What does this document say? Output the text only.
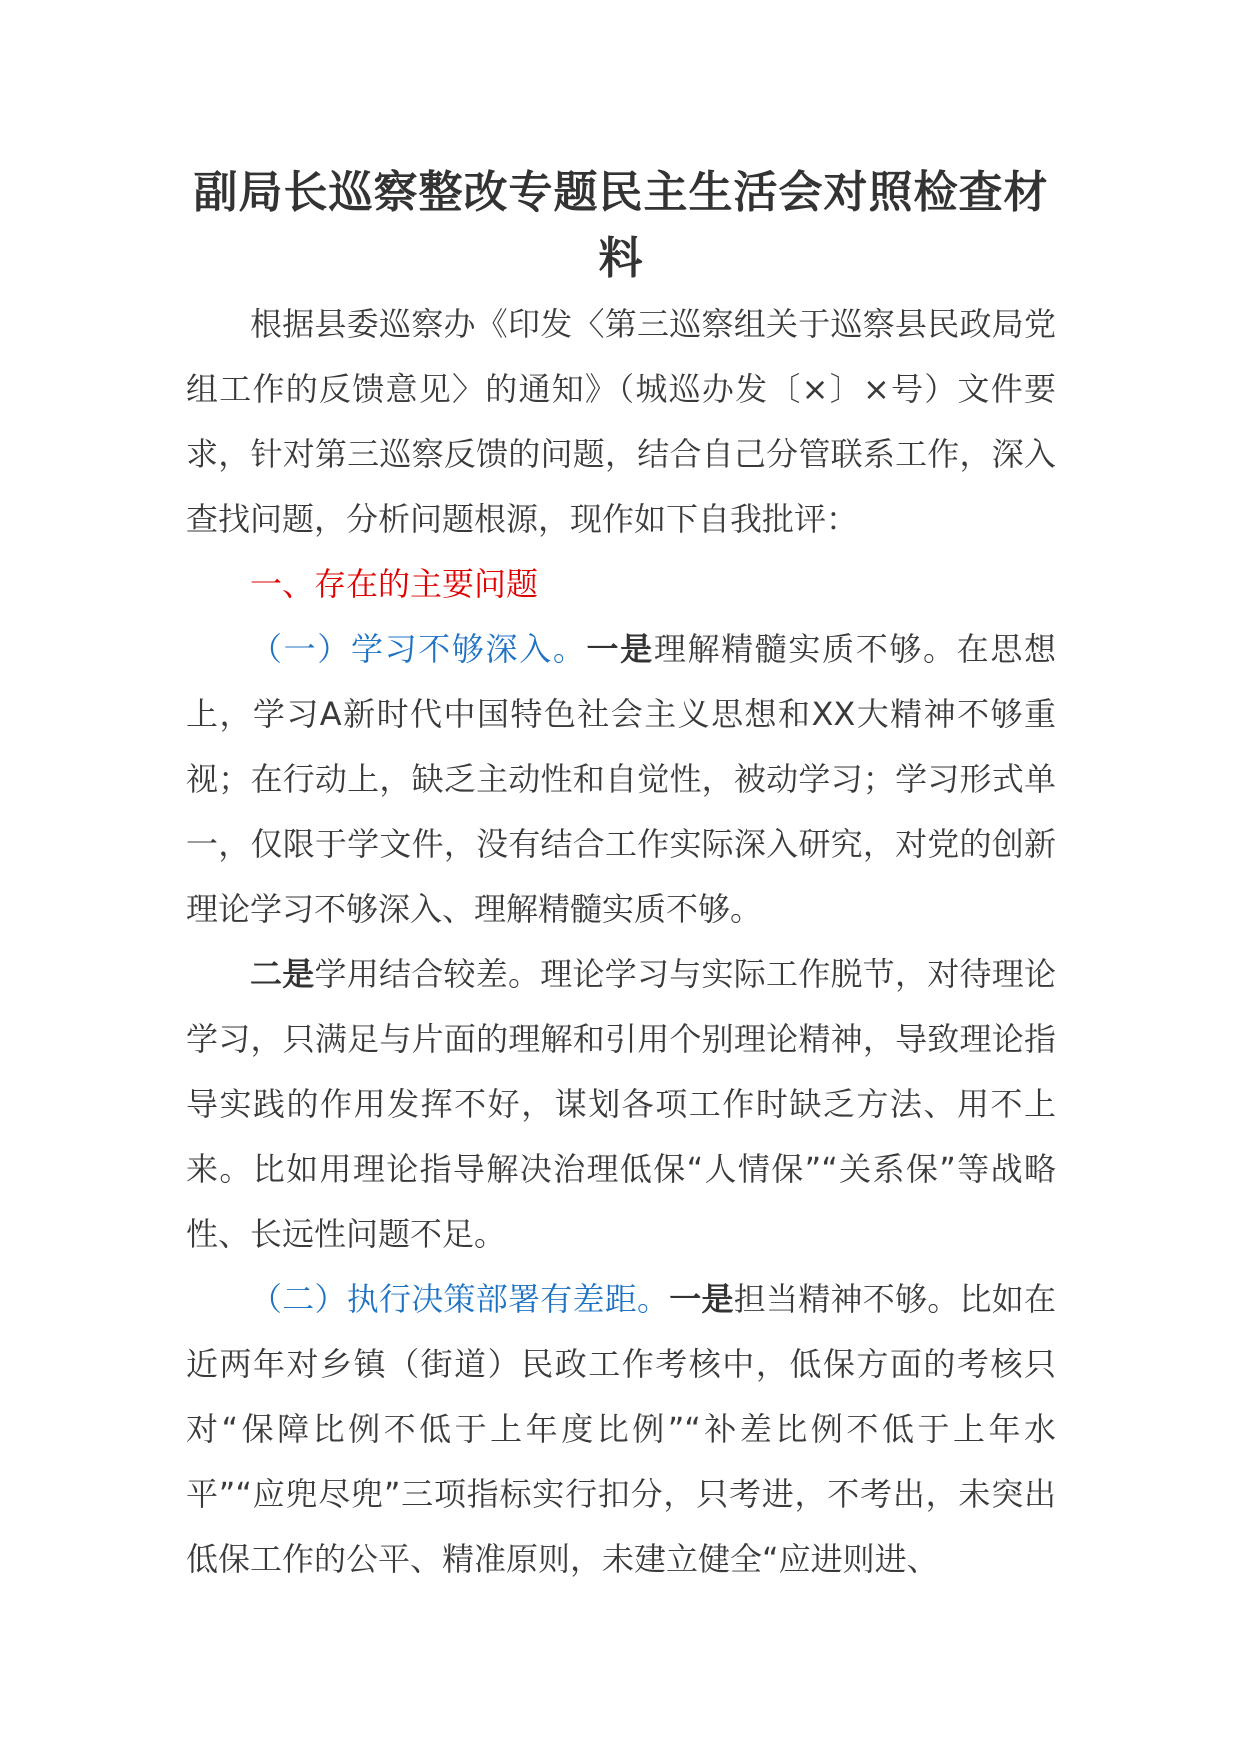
副局长巡察整改专题民主生活会对照检查材料

根据县委巡察办《印发〈第三巡察组关于巡察县民政局党组工作的反馈意见〉的通知》（城巡办发〔×〕×号）文件要求，针对第三巡察反馈的问题，结合自己分管联系工作，深入查找问题，分析问题根源，现作如下自我批评：

一、存在的主要问题

（一）学习不够深入。一是理解精髓实质不够。在思想上，学习A新时代中国特色社会主义思想和XX大精神不够重视；在行动上，缺乏主动性和自觉性，被动学习；学习形式单一，仅限于学文件，没有结合工作实际深入研究，对党的创新理论学习不够深入、理解精髓实质不够。

二是学用结合较差。理论学习与实际工作脱节，对待理论学习，只满足与片面的理解和引用个别理论精神，导致理论指导实践的作用发挥不好，谋划各项工作时缺乏方法、用不上来。比如用理论指导解决治理低保“人情保”“关系保”等战略性、长远性问题不足。

（二）执行决策部署有差距。一是担当精神不够。比如在近两年对乡镇（街道）民政工作考核中，低保方面的考核只对“保障比例不低于上年度比例”“补差比例不低于上年水平”“应兜尽兜”三项指标实行扣分，只考进，不考出，未突出低保工作的公平、精准原则，未建立健全“应进则进、
